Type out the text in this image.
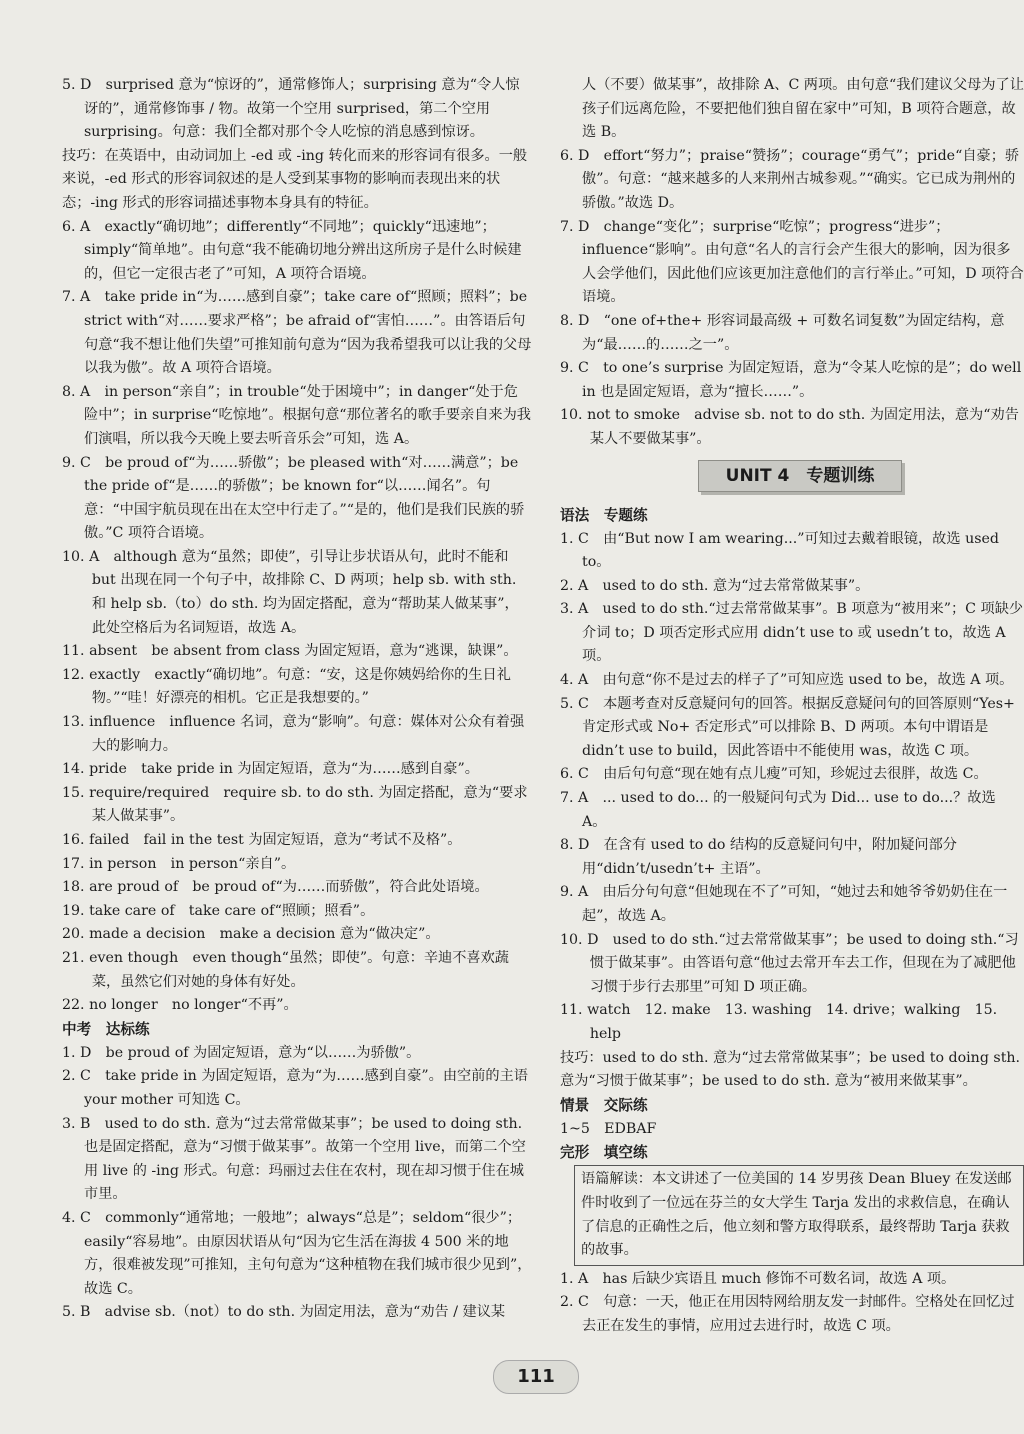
5. D　surprised 意为“惊讶的”，通常修饰人；surprising 意为“令人惊讶的”，通常修饰事 / 物。故第一个空用 surprised，第二个空用 surprising。句意：我们全都对那个令人吃惊的消息感到惊讶。

技巧：在英语中，由动词加上 -ed 或 -ing 转化而来的形容词有很多。一般来说，-ed 形式的形容词叙述的是人受到某事物的影响而表现出来的状态；-ing 形式的形容词描述事物本身具有的特征。

6. A　exactly“确切地”；differently“不同地”；quickly“迅速地”；simply“简单地”。由句意“我不能确切地分辨出这所房子是什么时候建的，但它一定很古老了”可知，A 项符合语境。

7. A　take pride in“为……感到自豪”；take care of“照顾；照料”；be strict with“对……要求严格”；be afraid of“害怕……”。由答语后句句意“我不想让他们失望”可推知前句意为“因为我希望我可以让我的父母以我为傲”。故 A 项符合语境。

8. A　in person“亲自”；in trouble“处于困境中”；in danger“处于危险中”；in surprise“吃惊地”。根据句意“那位著名的歌手要亲自来为我们演唱，所以我今天晚上要去听音乐会”可知，选 A。

9. C　be proud of“为……骄傲”；be pleased with“对……满意”；be the pride of“是……的骄傲”；be known for“以……闻名”。句意：“中国宇航员现在出在太空中行走了。”“是的，他们是我们民族的骄傲。”C 项符合语境。

10. A　although 意为“虽然；即使”，引导让步状语从句，此时不能和 but 出现在同一个句子中，故排除 C、D 两项；help sb. with sth. 和 help sb.（to）do sth. 均为固定搭配，意为“帮助某人做某事”，此处空格后为名词短语，故选 A。

11. absent　be absent from class 为固定短语，意为“逃课，缺课”。

12. exactly　exactly“确切地”。句意：“安，这是你姨妈给你的生日礼物。”“哇！好漂亮的相机。它正是我想要的。”

13. influence　influence 名词，意为“影响”。句意：媒体对公众有着强大的影响力。

14. pride　take pride in 为固定短语，意为“为……感到自豪”。

15. require/required　require sb. to do sth. 为固定搭配，意为“要求某人做某事”。

16. failed　fail in the test 为固定短语，意为“考试不及格”。

17. in person　in person“亲自”。

18. are proud of　be proud of“为……而骄傲”，符合此处语境。

19. take care of　take care of“照顾；照看”。

20. made a decision　make a decision 意为“做决定”。

21. even though　even though“虽然；即使”。句意：辛迪不喜欢蔬菜，虽然它们对她的身体有好处。

22. no longer　no longer“不再”。

中考　达标练

1. D　be proud of 为固定短语，意为“以……为骄傲”。

2. C　take pride in 为固定短语，意为“为……感到自豪”。由空前的主语 your mother 可知选 C。

3. B　used to do sth. 意为“过去常常做某事”；be used to doing sth. 也是固定搭配，意为“习惯于做某事”。故第一个空用 live，而第二个空用 live 的 -ing 形式。句意：玛丽过去住在农村，现在却习惯于住在城市里。

4. C　commonly“通常地；一般地”；always“总是”；seldom“很少”；easily“容易地”。由原因状语从句“因为它生活在海拔 4 500 米的地方，很难被发现”可推知，主句句意为“这种植物在我们城市很少见到”，故选 C。

5. B　advise sb.（not）to do sth. 为固定用法，意为“劝告 / 建议某

人（不要）做某事”，故排除 A、C 两项。由句意“我们建议父母为了让孩子们远离危险，不要把他们独自留在家中”可知，B 项符合题意，故选 B。

6. D　effort“努力”；praise“赞扬”；courage“勇气”；pride“自豪；骄傲”。句意：“越来越多的人来荆州古城参观。”“确实。它已成为荆州的骄傲。”故选 D。

7. D　change“变化”；surprise“吃惊”；progress“进步”；influence“影响”。由句意“名人的言行会产生很大的影响，因为很多人会学他们，因此他们应该更加注意他们的言行举止。”可知，D 项符合语境。

8. D　“one of+the+ 形容词最高级 + 可数名词复数”为固定结构，意为“最……的……之一”。

9. C　to one’s surprise 为固定短语，意为“令某人吃惊的是”；do well in 也是固定短语，意为“擅长……”。

10. not to smoke　advise sb. not to do sth. 为固定用法，意为“劝告某人不要做某事”。

UNIT 4　专题训练

语法　专题练

1. C　由“But now I am wearing...”可知过去戴着眼镜，故选 used to。

2. A　used to do sth. 意为“过去常常做某事”。

3. A　used to do sth.“过去常常做某事”。B 项意为“被用来”；C 项缺少介词 to；D 项否定形式应用 didn’t use to 或 usedn’t to，故选 A 项。

4. A　由句意“你不是过去的样子了”可知应选 used to be，故选 A 项。

5. C　本题考查对反意疑问句的回答。根据反意疑问句的回答原则“Yes+ 肯定形式或 No+ 否定形式”可以排除 B、D 两项。本句中谓语是 didn’t use to build，因此答语中不能使用 was，故选 C 项。

6. C　由后句句意“现在她有点儿瘦”可知，珍妮过去很胖，故选 C。

7. A　... used to do... 的一般疑问句式为 Did... use to do...？故选 A。

8. D　在含有 used to do 结构的反意疑问句中，附加疑问部分用“didn’t/usedn’t+ 主语”。

9. A　由后分句句意“但她现在不了”可知，“她过去和她爷爷奶奶住在一起”，故选 A。

10. D　used to do sth.“过去常常做某事”；be used to doing sth.“习惯于做某事”。由答语句意“他过去常开车去工作，但现在为了减肥他习惯于步行去那里”可知 D 项正确。

11. watch　12. make　13. washing　14. drive；walking　15. help

技巧：used to do sth. 意为“过去常常做某事”；be used to doing sth. 意为“习惯于做某事”；be used to do sth. 意为“被用来做某事”。

情景　交际练

1~5　EDBAF

完形　填空练

语篇解读：本文讲述了一位美国的 14 岁男孩 Dean Bluey 在发送邮件时收到了一位远在芬兰的女大学生 Tarja 发出的求救信息，在确认了信息的正确性之后，他立刻和警方取得联系，最终帮助 Tarja 获救的故事。

1. A　has 后缺少宾语且 much 修饰不可数名词，故选 A 项。

2. C　句意：一天，他正在用因特网给朋友发一封邮件。空格处在回忆过去正在发生的事情，应用过去进行时，故选 C 项。

111
